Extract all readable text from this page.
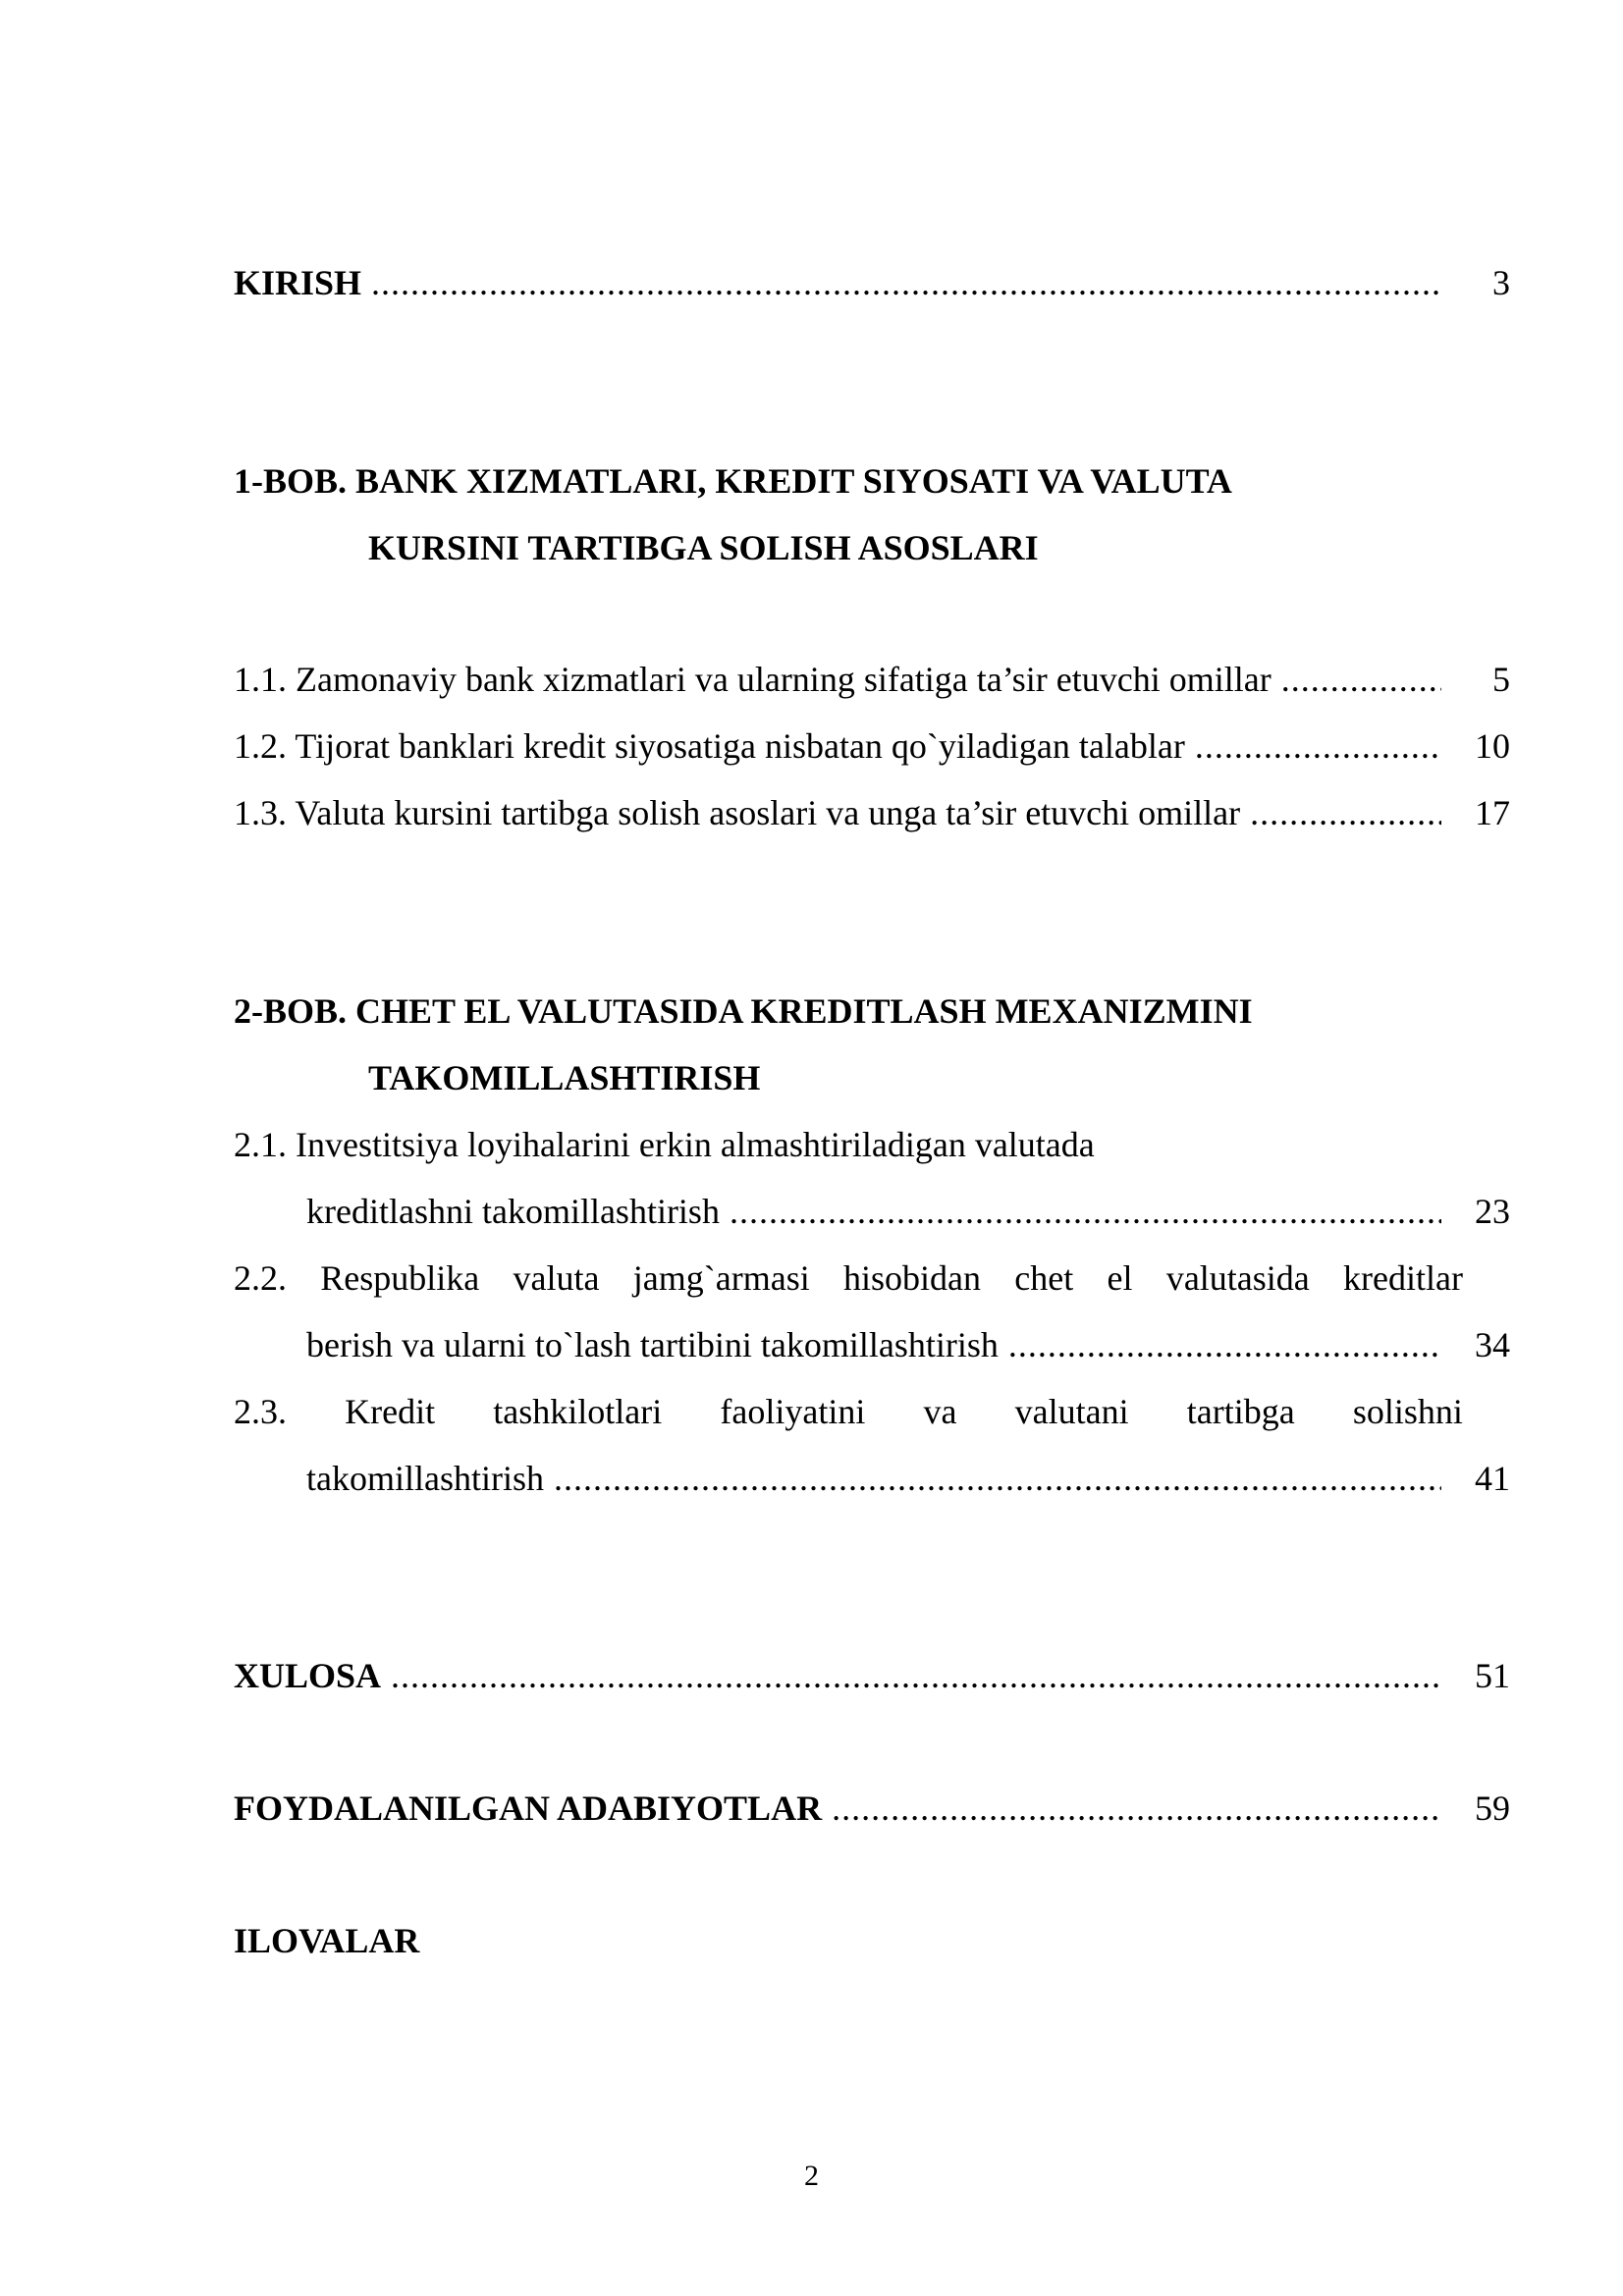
KIRISH .....	3
1-BOB. BANK XIZMATLARI, KREDIT SIYOSATI VA VALUTA
KURSINI TARTIBGA SOLISH ASOSLARI
1.1. Zamonaviy bank xizmatlari va ularning sifatiga ta’sir etuvchi omillar .....	5
1.2. Tijorat banklari kredit siyosatiga nisbatan qo`yiladigan talablar .....	10
1.3. Valuta kursini tartibga solish asoslari va unga ta’sir etuvchi omillar .....	17
2-BOB. CHET EL VALUTASIDA KREDITLASH MEXANIZMINI
TAKOMILLASHTIRISH
2.1. Investitsiya loyihalarini erkin almashtiriladigan valutada
kreditlashni takomillashtirish .....	23
2.2. Respublika valuta jamg`armasi hisobidan chet el valutasida kreditlar
berish va ularni to`lash tartibini takomillashtirish .....	34
2.3. Kredit tashkilotlari faoliyatini va valutani tartibga solishni
takomillashtirish .....	41
XULOSA .....	51
FOYDALANILGAN ADABIYOTLAR .....	59
ILOVALAR
2
